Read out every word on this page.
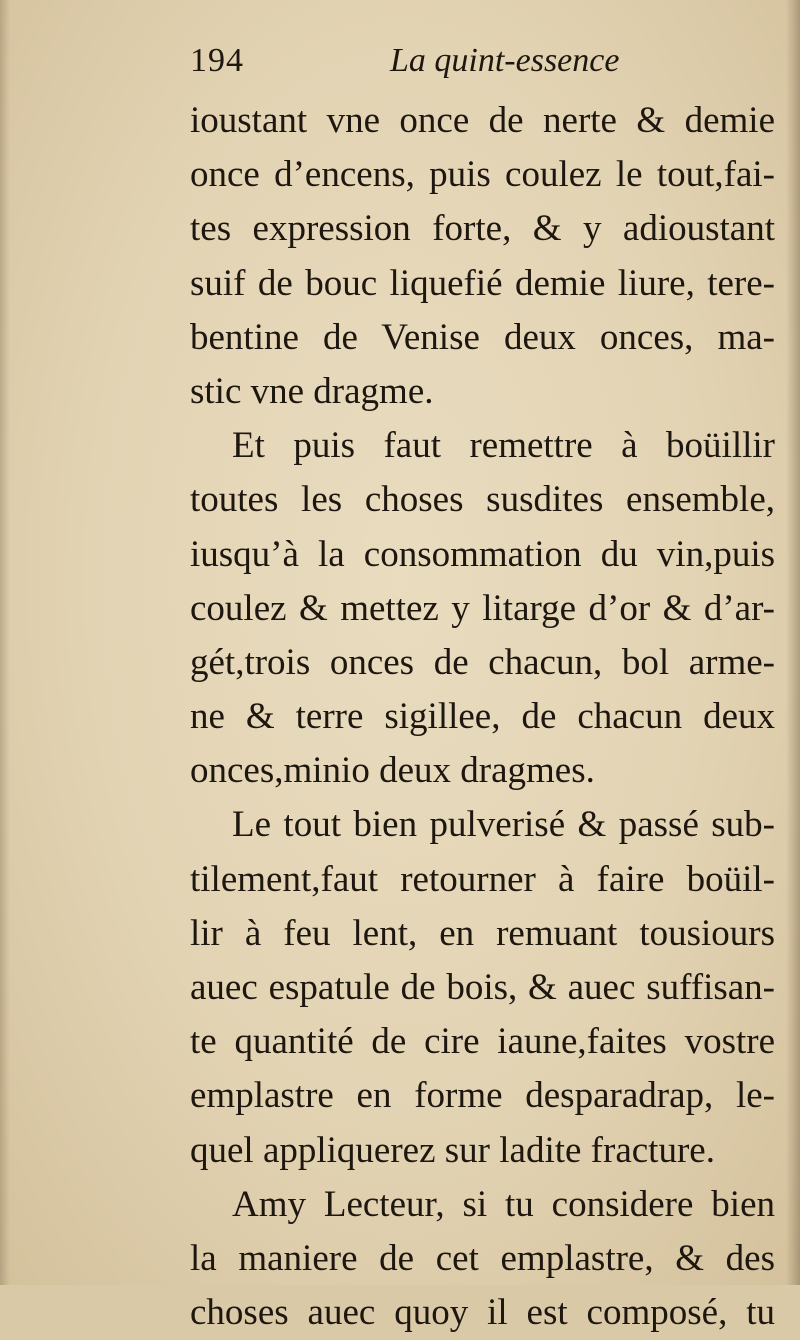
194	La quint-essence
ioustant vne once de nerte & demie
once d’encens, puis coulez le tout,fai-
tes expression forte, & y adioustant
suif de bouc liquefié demie liure, tere-
bentine de Venise deux onces, ma-
stic vne dragme.
Et puis faut remettre à boüillir
toutes les choses susdites ensemble,
iusqu’à la consommation du vin,puis
coulez & mettez y litarge d’or & d’ar-
gét,trois onces de chacun, bol arme-
ne & terre sigillee, de chacun deux
onces,minio deux dragmes.
Le tout bien pulverisé & passé sub-
tilement,faut retourner à faire boüil-
lir à feu lent, en remuant tousiours
auec espatule de bois, & auec suffisan-
te quantité de cire iaune,faites vostre
emplastre en forme desparadrap, le-
quel appliquerez sur ladite fracture.
Amy Lecteur, si tu considere bien
la maniere de cet emplastre, & des
choses auec quoy il est composé, tu
